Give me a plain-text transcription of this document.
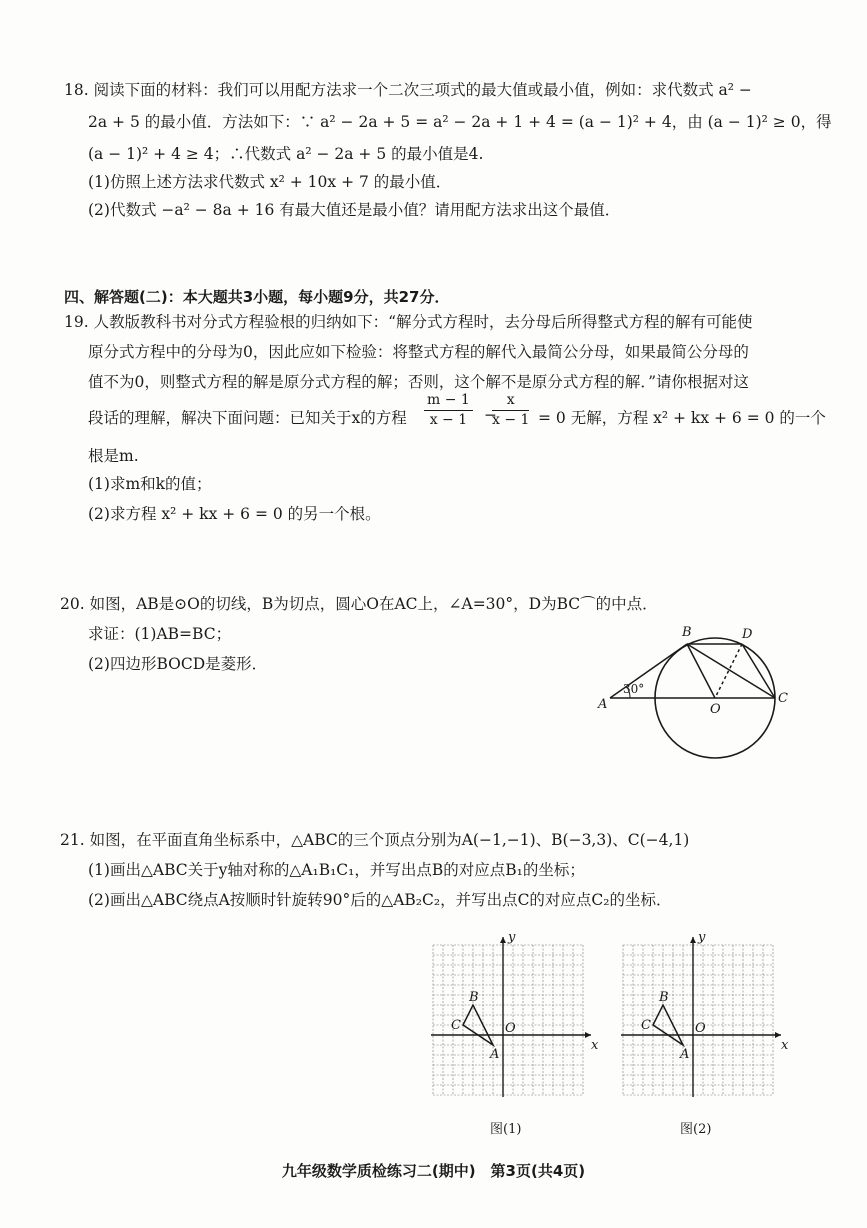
18. 阅读下面的材料：我们可以用配方法求一个二次三项式的最大值或最小值，例如：求代数式 a² −
2a + 5 的最小值．方法如下：∵ a² − 2a + 5 = a² − 2a + 1 + 4 = (a − 1)² + 4，由 (a − 1)² ≥ 0，得
(a − 1)² + 4 ≥ 4；∴代数式 a² − 2a + 5 的最小值是4.
(1)仿照上述方法求代数式 x² + 10x + 7 的最小值．
(2)代数式 −a² − 8a + 16 有最大值还是最小值？请用配方法求出这个最值．
四、解答题(二)：本大题共3小题，每小题9分，共27分．
19. 人教版教科书对分式方程验根的归纳如下：“解分式方程时，去分母后所得整式方程的解有可能使
原分式方程中的分母为0，因此应如下检验：将整式方程的解代入最简公分母，如果最简公分母的
值不为0，则整式方程的解是原分式方程的解；否则，这个解不是原分式方程的解．”请你根据对这
段话的理解，解决下面问题：已知关于x的方程 $\frac{m - 1}{x - 1}$ −
$\frac{x}{x - 1} = 0$ 无解，方程 x² + kx + 6 = 0 的一个
根是m.
(1)求m和k的值；
(2)求方程 x² + kx + 6 = 0 的另一个根。
20. 如图，AB是⊙O的切线，B为切点，圆心O在AC上，∠A=30°，D为BC⌒的中点．
求证：(1)AB=BC；
(2)四边形BOCD是菱形．
30°
A
B
C
D
O
21. 如图，在平面直角坐标系中，△ABC的三个顶点分别为A(−1,−1)、B(−3,3)、C(−4,1)
(1)画出△ABC关于y轴对称的△A₁B₁C₁，并写出点B的对应点B₁的坐标；
(2)画出△ABC绕点A按顺时针旋转90°后的△AB₂C₂，并写出点C的对应点C₂的坐标．
A
B
C	O
x
y
图(1)
A
B
C	O
x
y
图(2)
九年级数学质检练习二(期中)　第3页(共4页)
